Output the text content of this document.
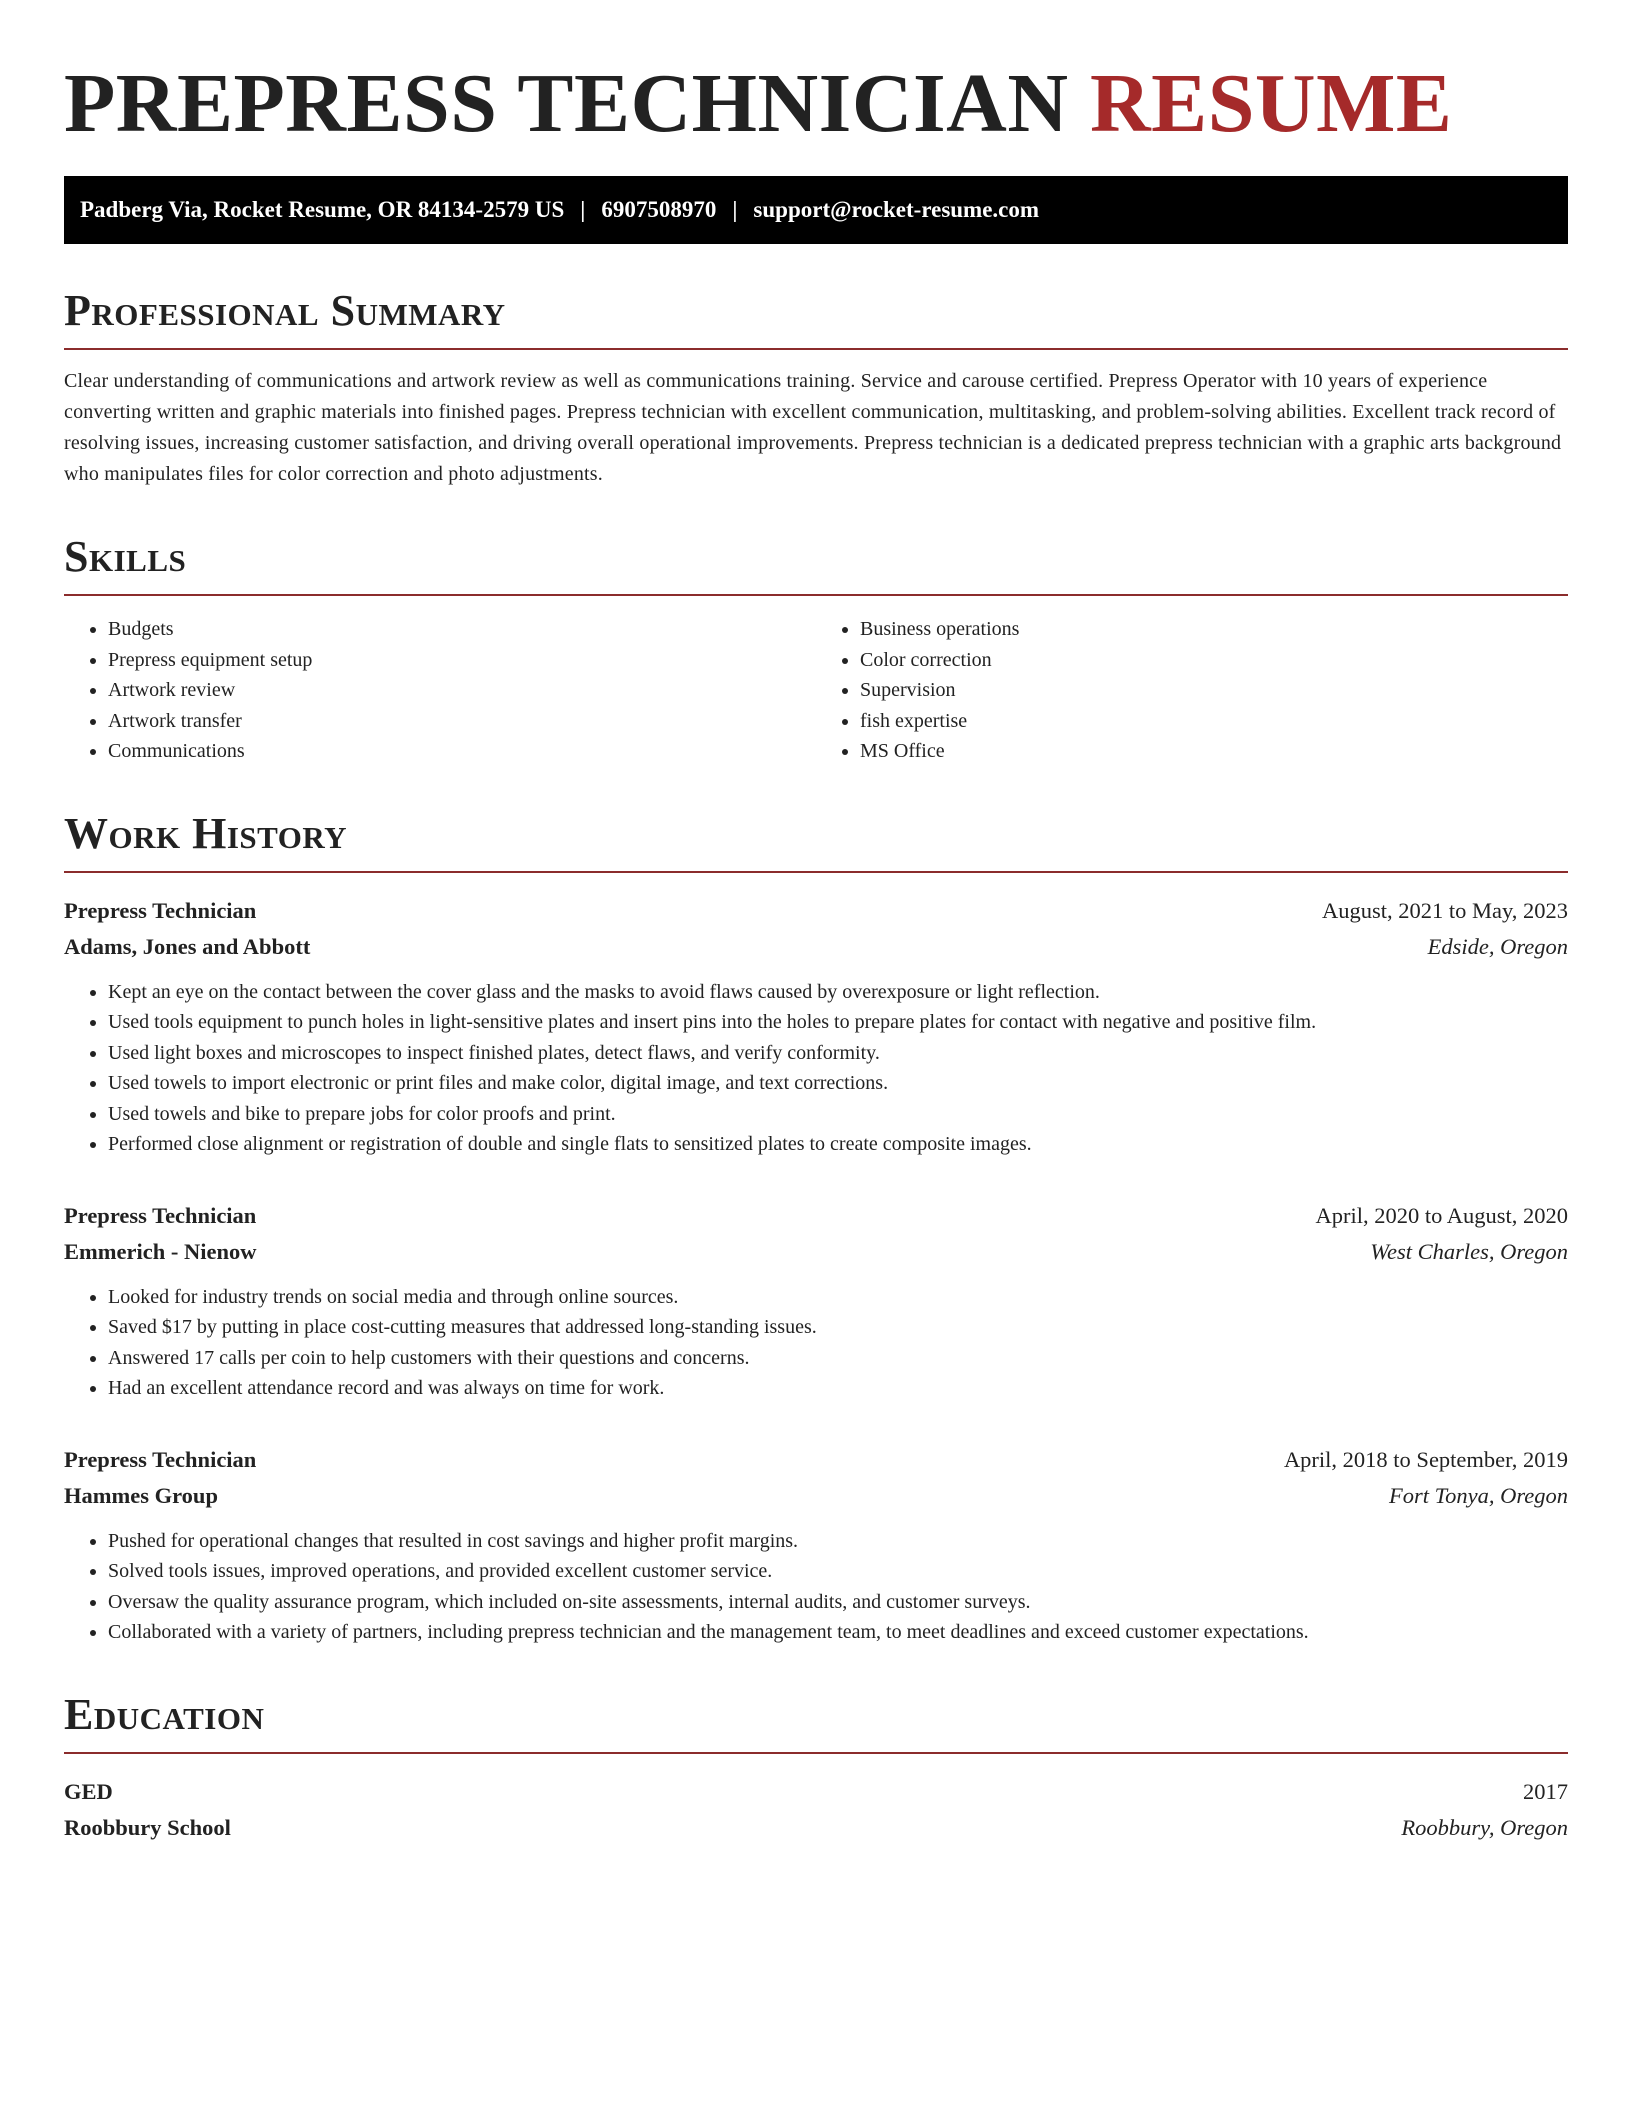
PREPRESS TECHNICIAN RESUME
Padberg Via, Rocket Resume, OR 84134-2579 US | 6907508970 | support@rocket-resume.com
Professional Summary

Clear understanding of communications and artwork review as well as communications training. Service and carouse certified. Prepress Operator with 10 years of experience converting written and graphic materials into finished pages. Prepress technician with excellent communication, multitasking, and problem-solving abilities. Excellent track record of resolving issues, increasing customer satisfaction, and driving overall operational improvements. Prepress technician is a dedicated prepress technician with a graphic arts background who manipulates files for color correction and photo adjustments.

Skills
• Budgets
• Prepress equipment setup
• Artwork review
• Artwork transfer
• Communications
• Business operations
• Color correction
• Supervision
• fish expertise
• MS Office
Work History
Prepress Technician	August, 2021 to May, 2023
Adams, Jones and Abbott	Edside, Oregon
• Kept an eye on the contact between the cover glass and the masks to avoid flaws caused by overexposure or light reflection.
• Used tools equipment to punch holes in light-sensitive plates and insert pins into the holes to prepare plates for contact with negative and positive film.
• Used light boxes and microscopes to inspect finished plates, detect flaws, and verify conformity.
• Used towels to import electronic or print files and make color, digital image, and text corrections.
• Used towels and bike to prepare jobs for color proofs and print.
• Performed close alignment or registration of double and single flats to sensitized plates to create composite images.
Prepress Technician	April, 2020 to August, 2020
Emmerich - Nienow	West Charles, Oregon
• Looked for industry trends on social media and through online sources.
• Saved $17 by putting in place cost-cutting measures that addressed long-standing issues.
• Answered 17 calls per coin to help customers with their questions and concerns.
• Had an excellent attendance record and was always on time for work.
Prepress Technician	April, 2018 to September, 2019
Hammes Group	Fort Tonya, Oregon
• Pushed for operational changes that resulted in cost savings and higher profit margins.
• Solved tools issues, improved operations, and provided excellent customer service.
• Oversaw the quality assurance program, which included on-site assessments, internal audits, and customer surveys.
• Collaborated with a variety of partners, including prepress technician and the management team, to meet deadlines and exceed customer expectations.
Education
GED	2017
Roobbury School	Roobbury, Oregon
